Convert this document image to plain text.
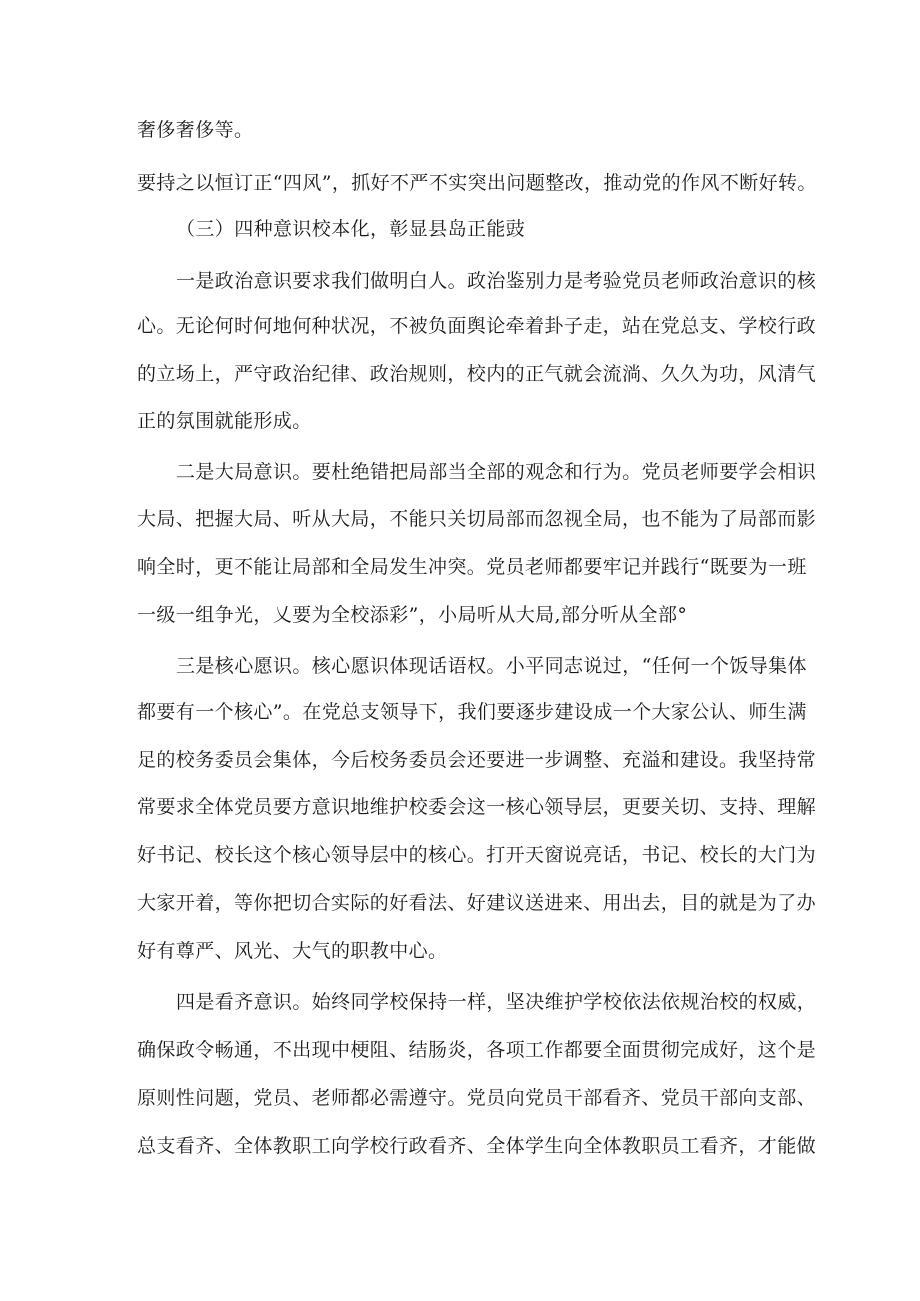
奢侈奢侈等。
要持之以恒订正“四风”，抓好不严不实突出问题整改，推动党的作风不断好转。
（三）四种意识校本化，彰显县岛正能豉
一是政治意识要求我们做明白人。政治鉴别力是考验党员老师政治意识的核
心。无论何时何地何种状况，不被负面舆论牵着卦子走，站在党总支、学校行政
的立场上，严守政治纪律、政治规则，校内的正气就会流淌、久久为功，风清气
正的氛围就能形成。
二是大局意识。要杜绝错把局部当全部的观念和行为。党员老师要学会相识
大局、把握大局、听从大局，不能只关切局部而忽视全局，也不能为了局部而影
响全时，更不能让局部和全局发生冲突。党员老师都要牢记并践行“既要为一班
一级一组争光，乂要为全校添彩”，小局听从大局,部分听从全部°
三是核心愿识。核心愿识体现话语权。小平同志说过，“任何一个饭导集体
都要有一个核心”。在党总支领导下，我们要逐步建设成一个大家公认、师生满
足的校务委员会集体，今后校务委员会还要进一步调整、充溢和建设。我坚持常
常要求全体党员要方意识地维护校委会这一核心领导层，更要关切、支持、理解
好书记、校长这个核心领导层中的核心。打开天窗说亮话，书记、校长的大门为
大家开着，等你把切合实际的好看法、好建议送进来、用出去，目的就是为了办
好有尊严、风光、大气的职教中心。
四是看齐意识。始终同学校保持一样，坚决维护学校依法依规治校的权威，
确保政令畅通，不出现中梗阻、结肠炎，各项工作都要全面贯彻完成好，这个是
原则性问题，党员、老师都必需遵守。党员向党员干部看齐、党员干部向支部、
总支看齐、全体教职工向学校行政看齐、全体学生向全体教职员工看齐，才能做
